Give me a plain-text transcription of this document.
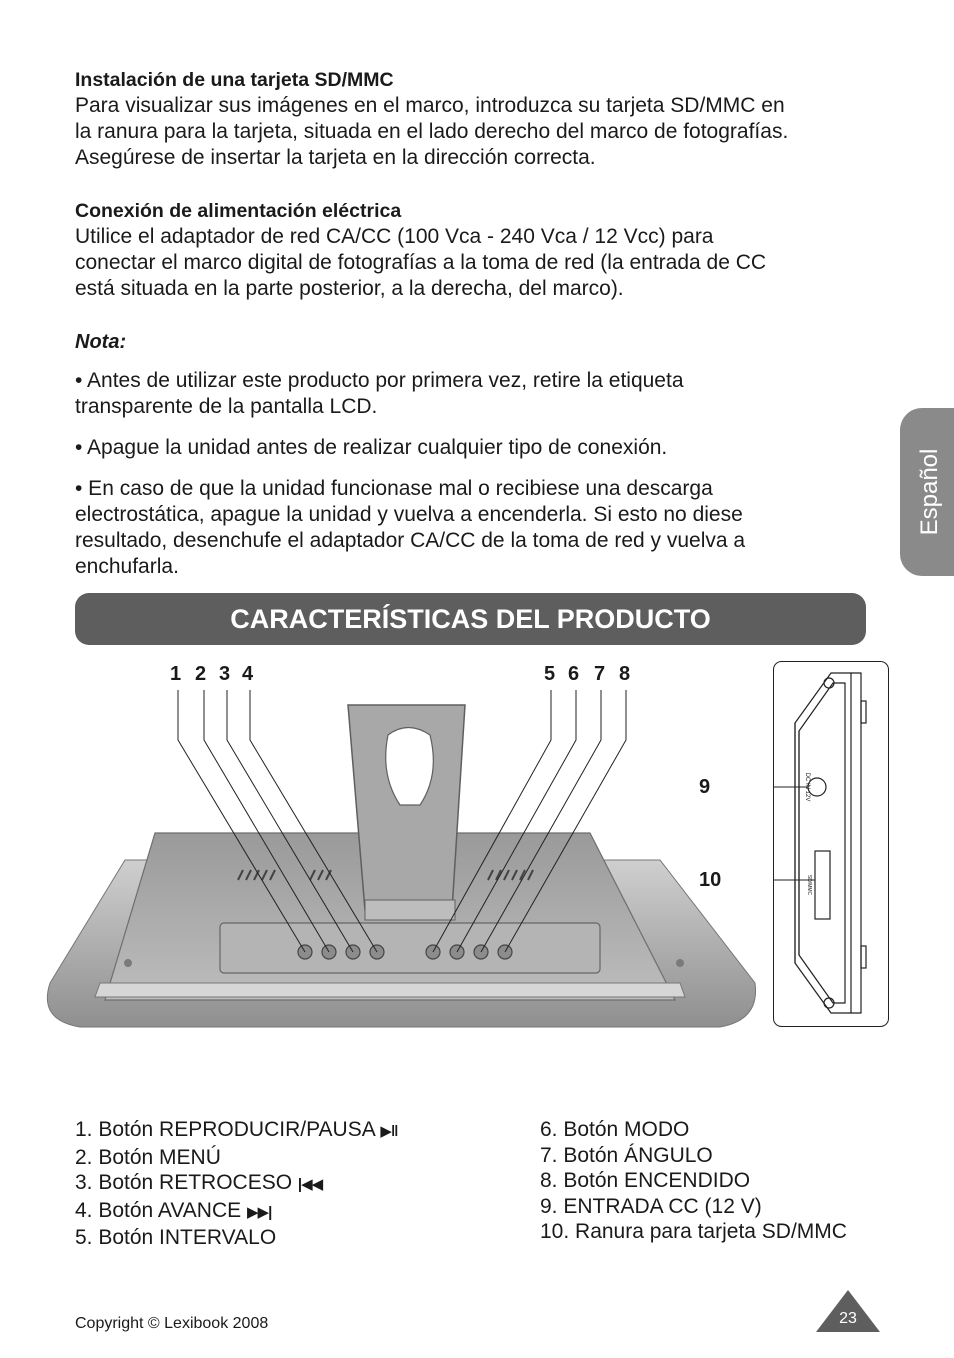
Instalación de una tarjeta SD/MMC
Para visualizar sus imágenes en el marco, introduzca su tarjeta SD/MMC en
la ranura para la tarjeta, situada en el lado derecho del marco de fotografías.
Asegúrese de insertar la tarjeta en la dirección correcta.
Conexión de alimentación eléctrica
Utilice el adaptador de red CA/CC (100 Vca - 240 Vca / 12 Vcc) para
conectar el marco digital de fotografías a la toma de red (la entrada de CC
está situada en la parte posterior, a la derecha, del marco).
Nota:
• Antes de utilizar este producto por primera vez, retire la etiqueta
transparente de la pantalla LCD.
• Apague la unidad antes de realizar cualquier tipo de conexión.
• En caso de que la unidad funcionase mal o recibiese una descarga
electrostática, apague la unidad y vuelva a encenderla. Si esto no diese
resultado, desenchufe el adaptador CA/CC de la toma de red y vuelva a
enchufarla.
Español
CARACTERÍSTICAS DEL PRODUCTO
1 2 3 4	5 6 7 8
9
10
DC IN 12V
SD/MMC
1. Botón REPRODUCIR/PAUSA ▶‖
2. Botón MENÚ
3. Botón RETROCESO |◀◀
4. Botón AVANCE ▶▶|
5. Botón INTERVALO
6. Botón MODO
7. Botón ÁNGULO
8. Botón ENCENDIDO
9. ENTRADA CC (12 V)
10. Ranura para tarjeta SD/MMC
Copyright © Lexibook 2008	23
